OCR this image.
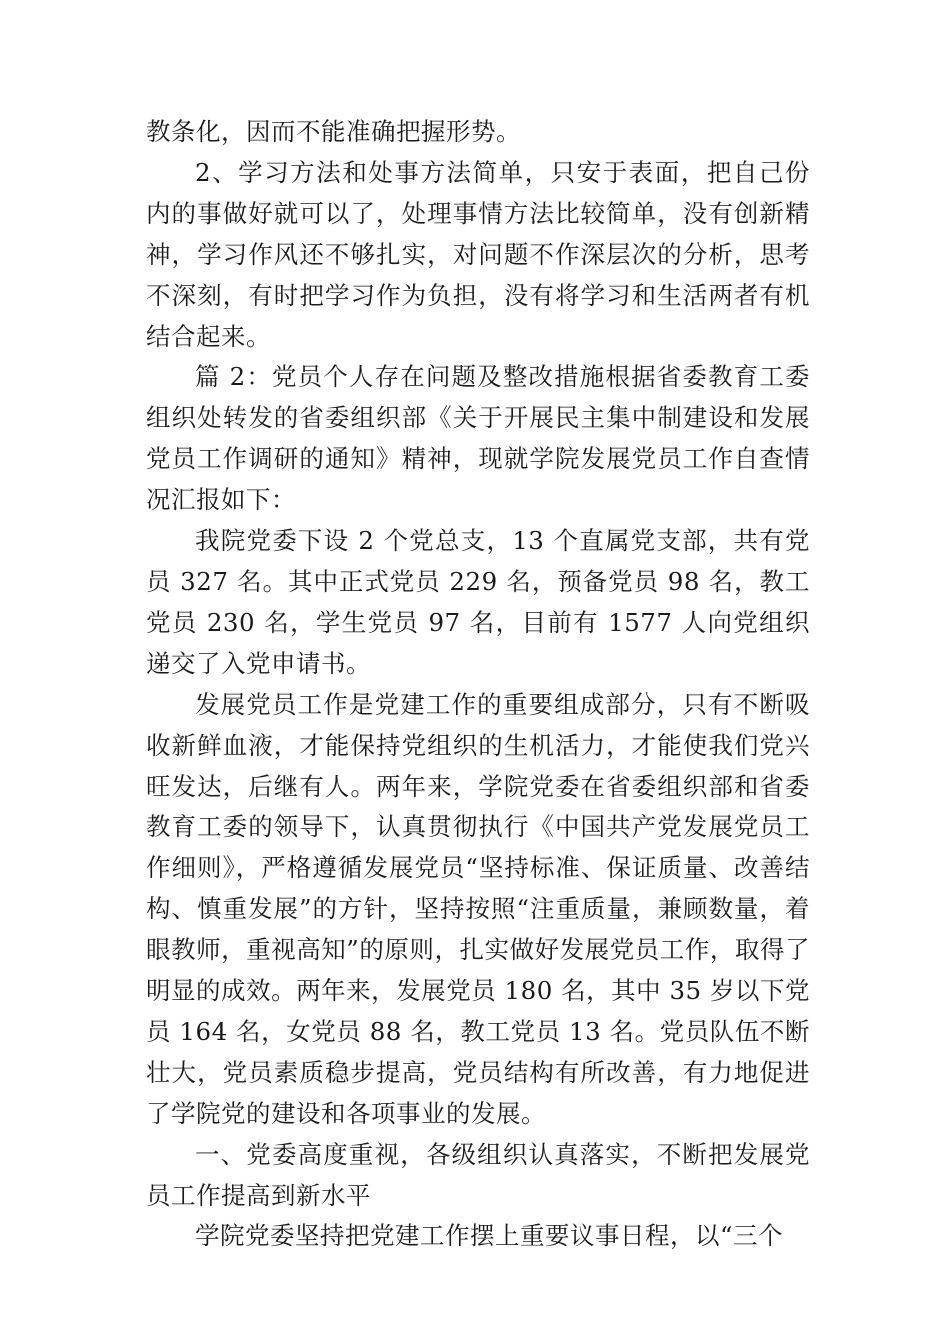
教条化，因而不能准确把握形势。

2、学习方法和处事方法简单，只安于表面，把自己份内的事做好就可以了，处理事情方法比较简单，没有创新精神，学习作风还不够扎实，对问题不作深层次的分析，思考不深刻，有时把学习作为负担，没有将学习和生活两者有机结合起来。

篇 2：党员个人存在问题及整改措施根据省委教育工委组织处转发的省委组织部《关于开展民主集中制建设和发展党员工作调研的通知》精神，现就学院发展党员工作自查情况汇报如下：

我院党委下设 2 个党总支，13 个直属党支部，共有党员 327 名。其中正式党员 229 名，预备党员 98 名，教工党员 230 名，学生党员 97 名，目前有 1577 人向党组织递交了入党申请书。

发展党员工作是党建工作的重要组成部分，只有不断吸收新鲜血液，才能保持党组织的生机活力，才能使我们党兴旺发达，后继有人。两年来，学院党委在省委组织部和省委教育工委的领导下，认真贯彻执行《中国共产党发展党员工作细则》，严格遵循发展党员“坚持标准、保证质量、改善结构、慎重发展”的方针，坚持按照“注重质量，兼顾数量，着眼教师，重视高知”的原则，扎实做好发展党员工作，取得了明显的成效。两年来，发展党员 180 名，其中 35 岁以下党员 164 名，女党员 88 名，教工党员 13 名。党员队伍不断壮大，党员素质稳步提高，党员结构有所改善，有力地促进了学院党的建设和各项事业的发展。

一、党委高度重视，各级组织认真落实，不断把发展党员工作提高到新水平

学院党委坚持把党建工作摆上重要议事日程，以“三个
